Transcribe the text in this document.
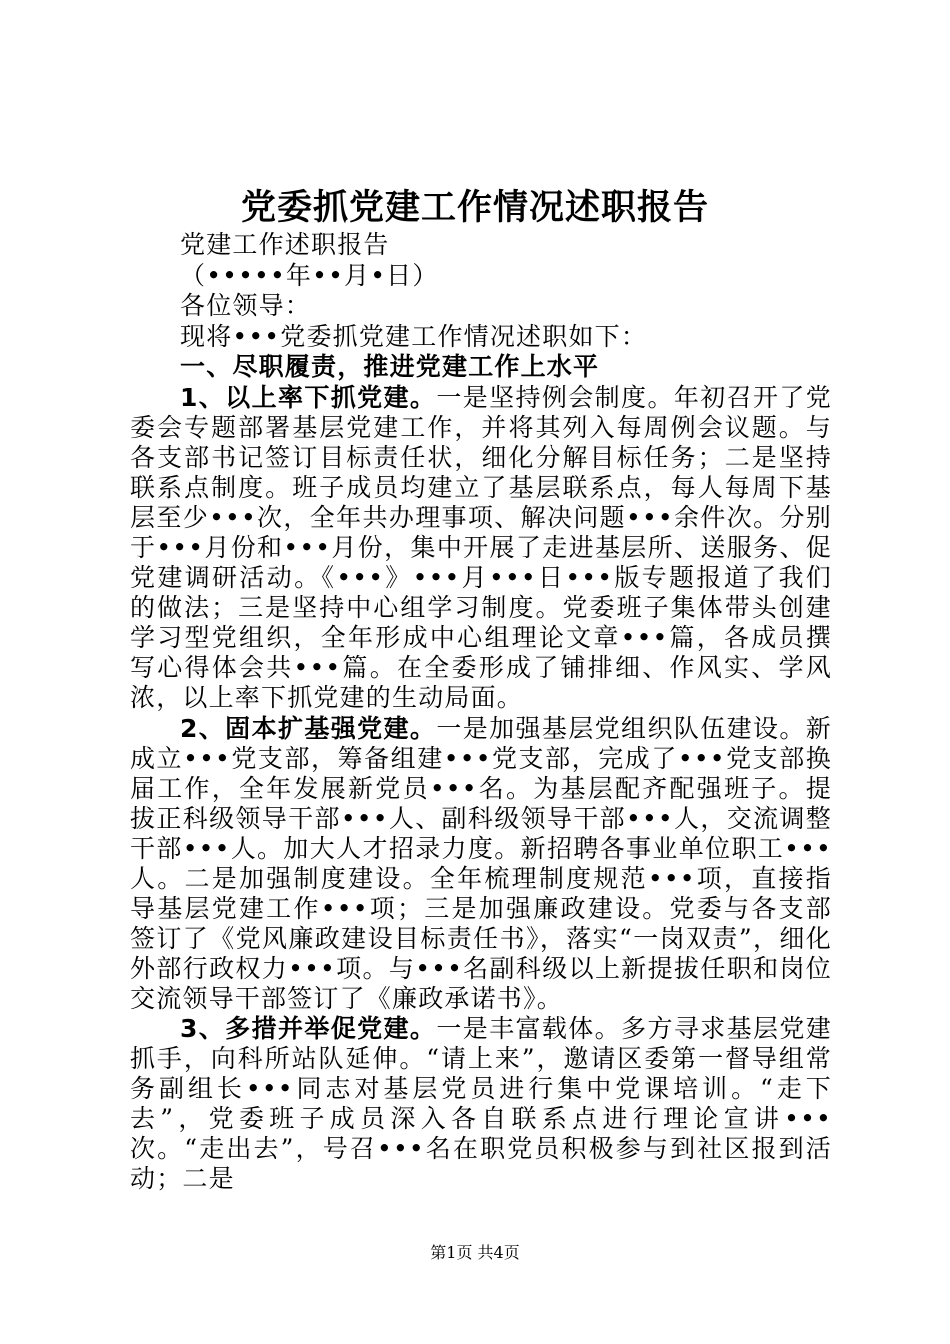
党委抓党建工作情况述职报告

党建工作述职报告

（•••••年••月•日）

各位领导：

现将•••党委抓党建工作情况述职如下：

一、尽职履责，推进党建工作上水平

1、以上率下抓党建。一是坚持例会制度。年初召开了党委会专题部署基层党建工作，并将其列入每周例会议题。与各支部书记签订目标责任状，细化分解目标任务；二是坚持联系点制度。班子成员均建立了基层联系点，每人每周下基层至少•••次，全年共办理事项、解决问题•••余件次。分别于•••月份和•••月份，集中开展了走进基层所、送服务、促党建调研活动。《•••》•••月•••日•••版专题报道了我们的做法；三是坚持中心组学习制度。党委班子集体带头创建学习型党组织，全年形成中心组理论文章•••篇，各成员撰写心得体会共•••篇。在全委形成了铺排细、作风实、学风浓，以上率下抓党建的生动局面。

2、固本扩基强党建。一是加强基层党组织队伍建设。新成立•••党支部，筹备组建•••党支部，完成了•••党支部换届工作，全年发展新党员•••名。为基层配齐配强班子。提拔正科级领导干部•••人、副科级领导干部•••人，交流调整干部•••人。加大人才招录力度。新招聘各事业单位职工•••人。二是加强制度建设。全年梳理制度规范•••项，直接指导基层党建工作•••项；三是加强廉政建设。党委与各支部签订了《党风廉政建设目标责任书》，落实“一岗双责”，细化外部行政权力•••项。与•••名副科级以上新提拔任职和岗位交流领导干部签订了《廉政承诺书》。

3、多措并举促党建。一是丰富载体。多方寻求基层党建抓手，向科所站队延伸。“请上来”，邀请区委第一督导组常务副组长•••同志对基层党员进行集中党课培训。“走下去”，党委班子成员深入各自联系点进行理论宣讲•••次。“走出去”，号召•••名在职党员积极参与到社区报到活动；二是

第1页 共4页
